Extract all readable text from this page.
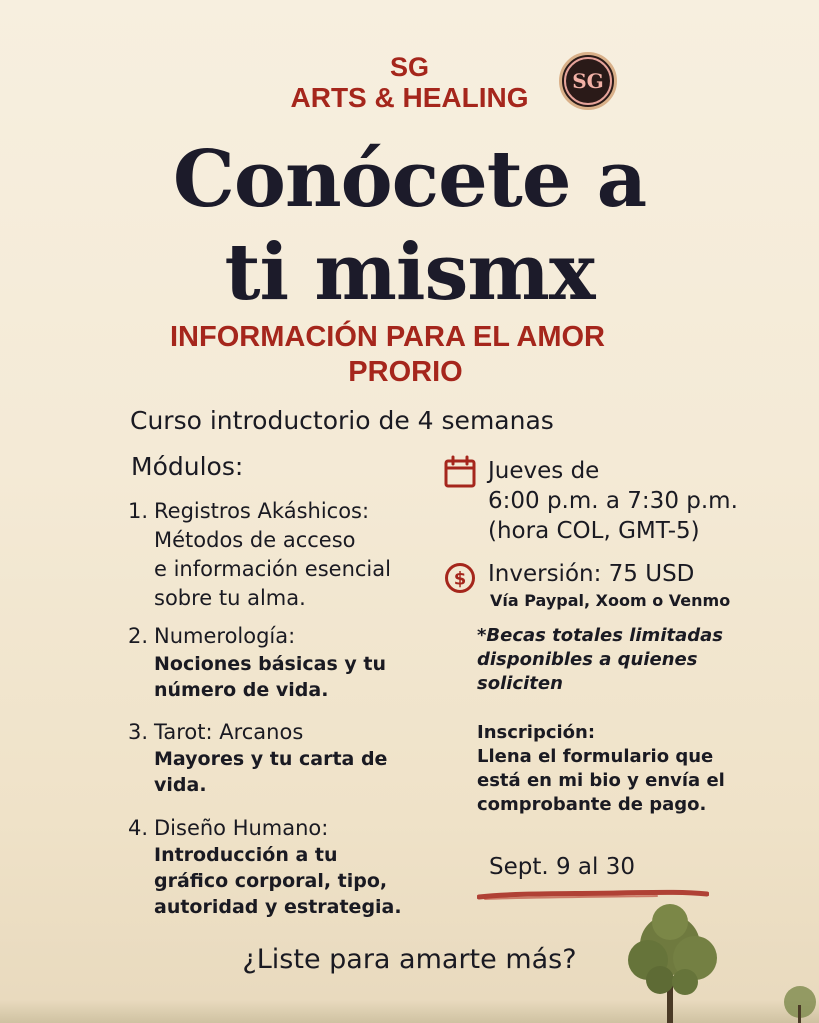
SG
ARTS & HEALING
SG
Conócete a
ti mismx
INFORMACIÓN PARA EL AMOR
PRORIO
Curso introductorio de 4 semanas
Módulos:
1. Registros Akáshicos:
Métodos de acceso
e información esencial
sobre tu alma.
2. Numerología:
Nociones básicas y tu
número de vida.
3. Tarot: Arcanos
Mayores y tu carta de
vida.
4. Diseño Humano:
Introducción a tu
gráfico corporal, tipo,
autoridad y estrategia.
Jueves de
6:00 p.m. a 7:30 p.m.
(hora COL, GMT-5)
$ Inversión: 75 USD
Vía Paypal, Xoom o Venmo
*Becas totales limitadas
disponibles a quienes
soliciten
Inscripción:
Llena el formulario que
está en mi bio y envía el
comprobante de pago.
Sept. 9 al 30
¿Liste para amarte más?
